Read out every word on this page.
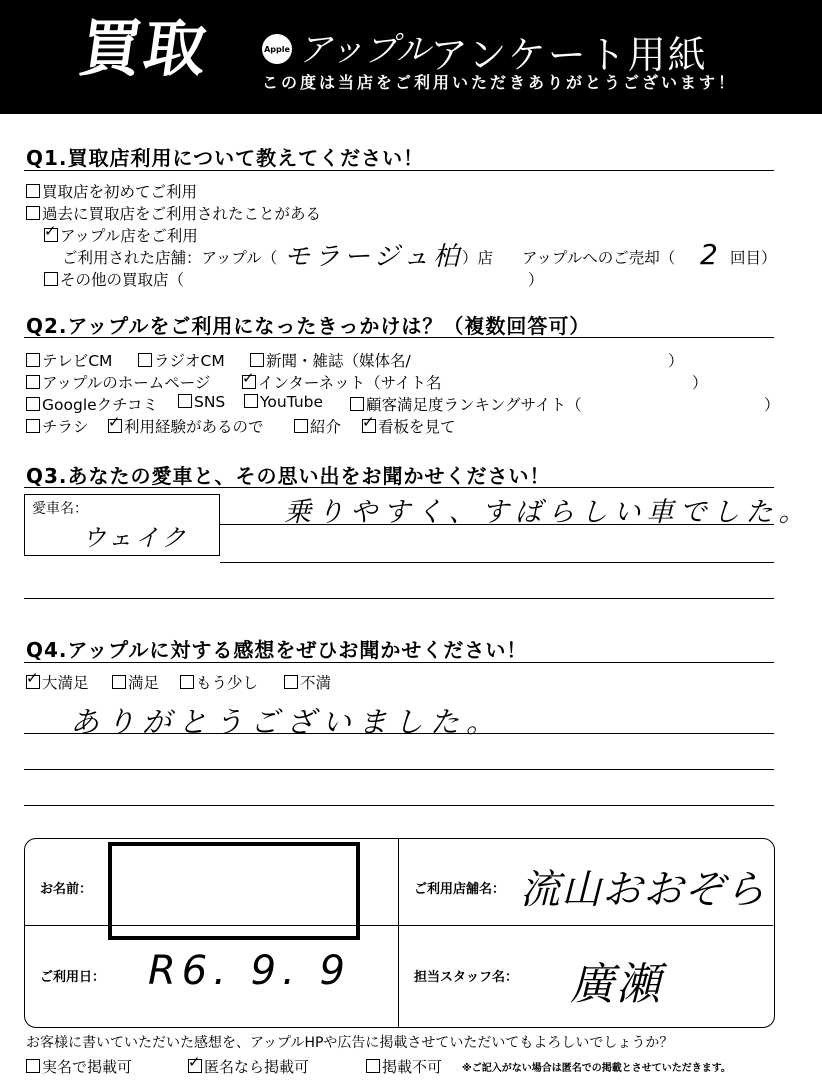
買取	Apple アップル アンケート用紙
この度は当店をご利用いただきありがとうございます！
Q1.買取店利用について教えてください！
買取店を初めてご利用
過去に買取店をご利用されたことがある
✓アップル店をご利用
ご利用された店舗：アップル（ モラージュ柏 ）店 アップルへのご売却（ 2 回目）
その他の買取店（	）
Q2.アップルをご利用になったきっかけは？（複数回答可）
テレビCM	ラジオCM	新聞・雑誌（媒体名/	）
アップルのホームページ ✓	インターネット（サイト名	）
Googleクチコミ	SNS	YouTube	顧客満足度ランキングサイト（	）
チラシ ✓	利用経験があるので	紹介 ✓	看板を見て
Q3.あなたの愛車と、その思い出をお聞かせください！
愛車名：
ウェイク
乗りやすく、すばらしい車でした。
Q4.アップルに対する感想をぜひお聞かせください！
✓大満足	満足	もう少し	不満
ありがとうございました。
お名前：	ご利用店舗名： 流山おおぞら
ご利用日： R6. 9. 9	担当スタッフ名： 廣瀬
お客様に書いていただいた感想を、アップルHPや広告に掲載させていただいてもよろしいでしょうか？
実名で掲載可 ✓	匿名なら掲載可	掲載不可 ※ご記入がない場合は匿名での掲載とさせていただきます。
